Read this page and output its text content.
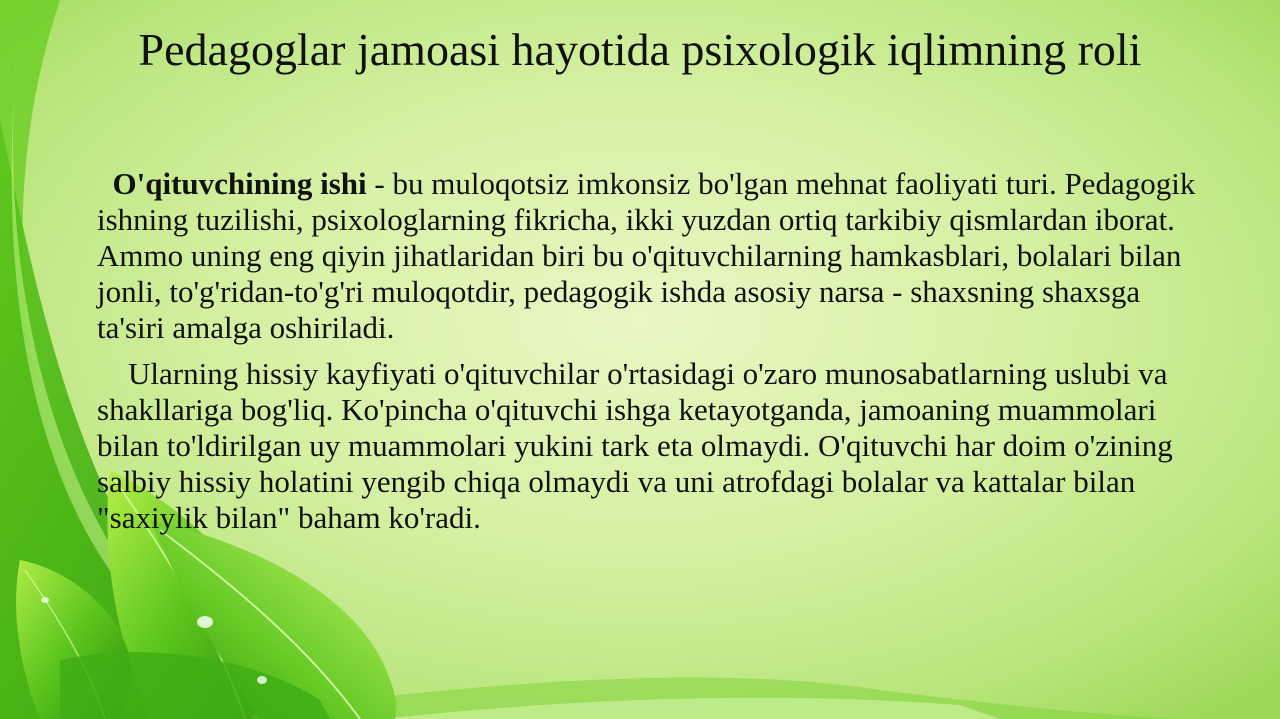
Pedagoglar jamoasi hayotida psixologik iqlimning roli

O'qituvchining ishi - bu muloqotsiz imkonsiz bo'lgan mehnat faoliyati turi. Pedagogik ishning tuzilishi, psixologlarning fikricha, ikki yuzdan ortiq tarkibiy qismlardan iborat. Ammo uning eng qiyin jihatlaridan biri bu o'qituvchilarning hamkasblari, bolalari bilan jonli, to'g'ridan-to'g'ri muloqotdir, pedagogik ishda asosiy narsa - shaxsning shaxsga ta'siri amalga oshiriladi.

Ularning hissiy kayfiyati o'qituvchilar o'rtasidagi o'zaro munosabatlarning uslubi va shakllariga bog'liq. Ko'pincha o'qituvchi ishga ketayotganda, jamoaning muammolari bilan to'ldirilgan uy muammolari yukini tark eta olmaydi. O'qituvchi har doim o'zining salbiy hissiy holatini yengib chiqa olmaydi va uni atrofdagi bolalar va kattalar bilan "saxiylik bilan" baham ko'radi.
